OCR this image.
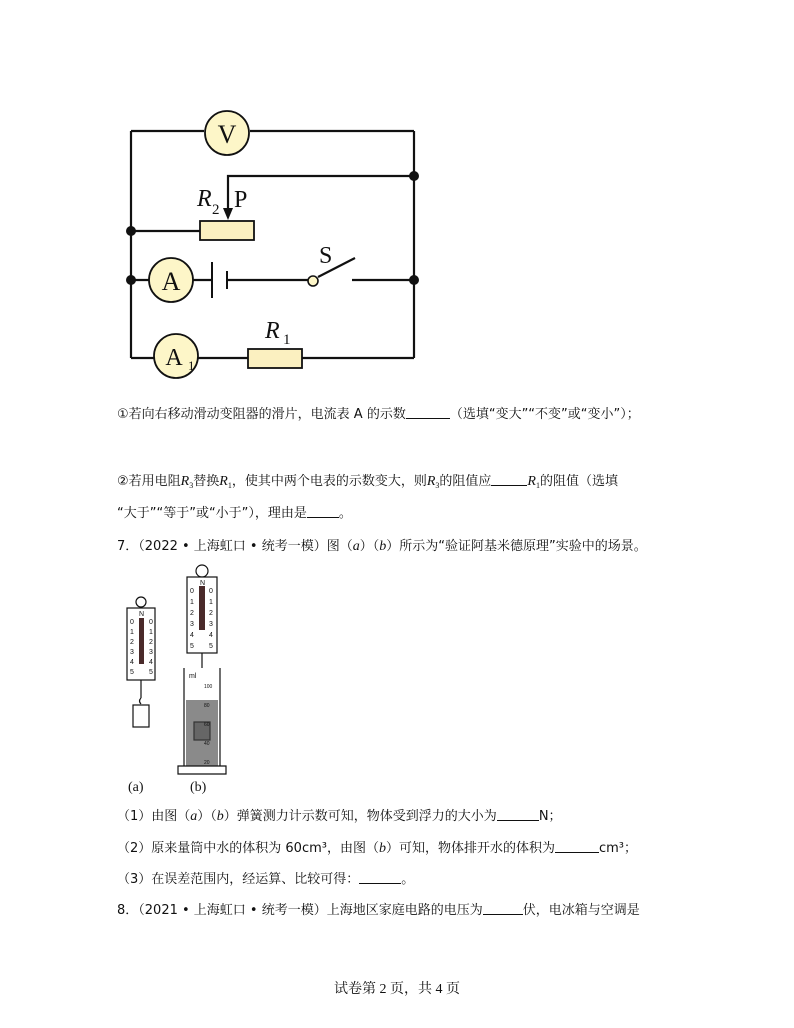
V
A
A 1
R 2 P
S
R 1
①若向右移动滑动变阻器的滑片，电流表 A 的示数	（选填“变大”“不变”或“变小”）；
②若用电阻$R_3$替换$R_1$，使其中两个电表的示数变大，则$R_3$的阻值应	$R_1$的阻值（选填
“大于”“等于”或“小于”），理由是 。
7．（2022 • 上海虹口 • 统考一模）图（a）（b）所示为“验证阿基米德原理”实验中的场景。
N
N
ml
0 0
1 1
2 2
3 3
4 4
5 5
0 0
1 1
2 2
3 3
4 4
5 5
100
80
60
40
20
(a)	(b)
（1）由图（a）（b）弹簧测力计示数可知，物体受到浮力的大小为	N；
（2）原来量筒中水的体积为 60cm³，由图（b）可知，物体排开水的体积为	cm³；
（3）在误差范围内，经运算、比较可得：	。
8．（2021 • 上海虹口 • 统考一模）上海地区家庭电路的电压为	伏，电冰箱与空调是
试卷第 2 页，共 4 页
